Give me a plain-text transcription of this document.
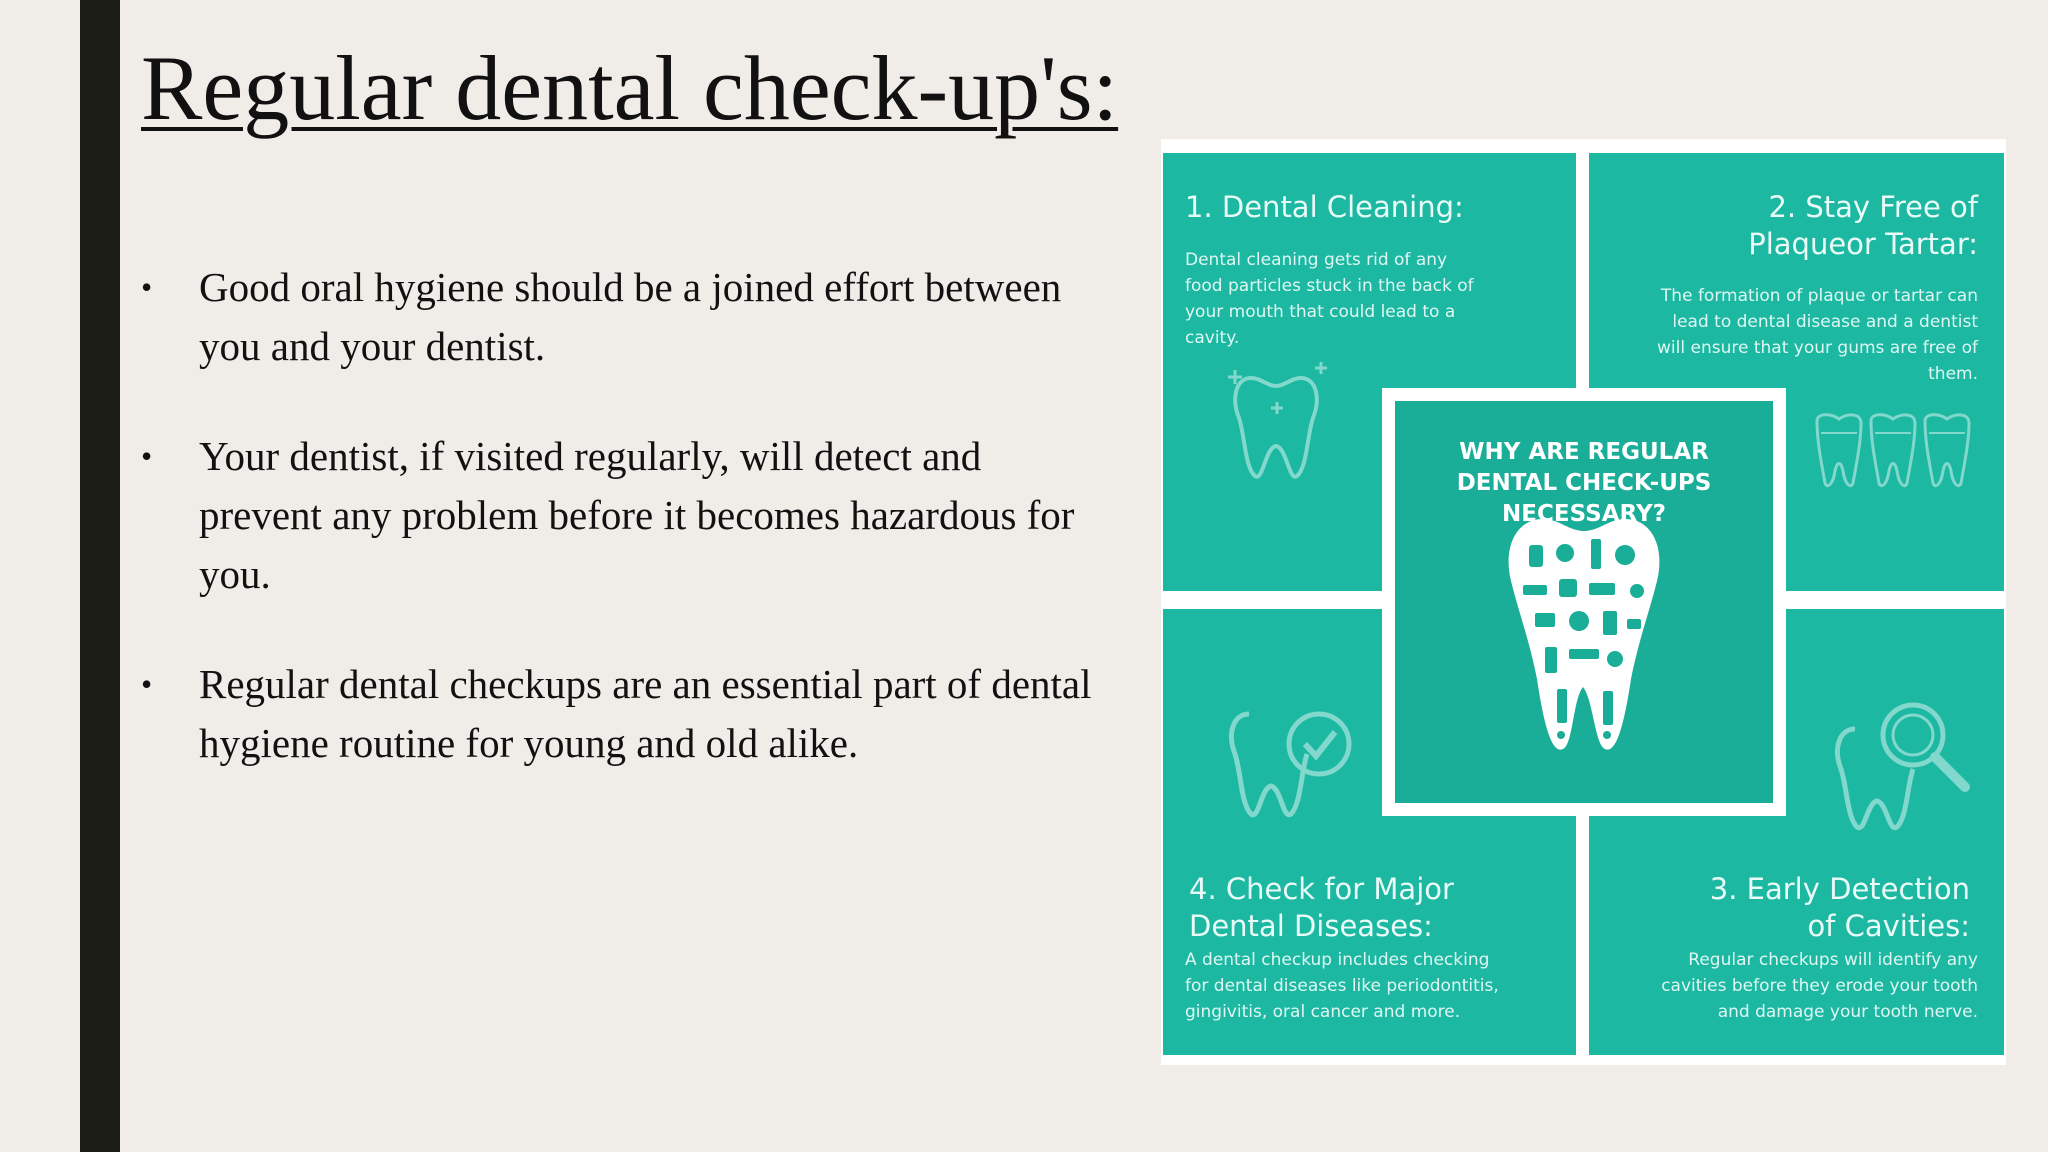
Regular dental check-up's:
• Good oral hygiene should be a joined effort between you and your dentist.
• Your dentist, if visited regularly, will detect and prevent any problem before it becomes hazardous for you.
• Regular dental checkups are an essential part of dental hygiene routine for young and old alike.
1. Dental Cleaning:
Dental cleaning gets rid of any food particles stuck in the back of your mouth that could lead to a cavity.
2. Stay Free of Plaqueor Tartar:
The formation of plaque or tartar can lead to dental disease and a dentist will ensure that your gums are free of them.
4. Check for Major Dental Diseases:
A dental checkup includes checking for dental diseases like periodontitis, gingivitis, oral cancer and more.
3. Early Detection of Cavities:
Regular checkups will identify any cavities before they erode your tooth and damage your tooth nerve.
WHY ARE REGULAR DENTAL CHECK-UPS NECESSARY?
